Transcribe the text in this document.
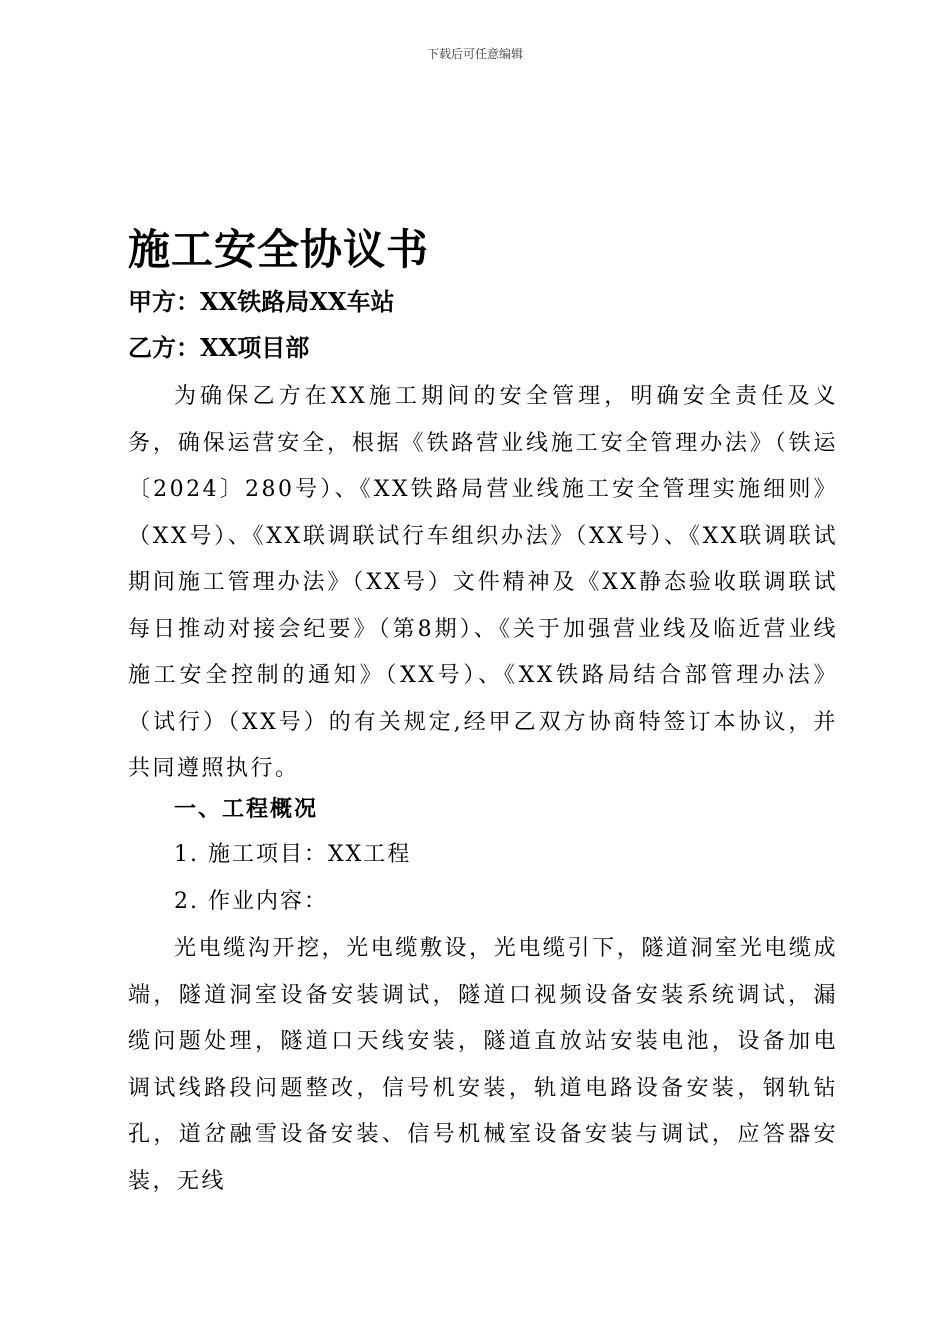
下载后可任意编辑
施工安全协议书

甲方：XX铁路局XX车站

乙方：XX项目部

为确保乙方在XX施工期间的安全管理，明确安全责任及义务，确保运营安全，根据《铁路营业线施工安全管理办法》（铁运〔2024〕280号）、《XX铁路局营业线施工安全管理实施细则》（XX号）、《XX联调联试行车组织办法》（XX号）、《XX联调联试期间施工管理办法》（XX号）文件精神及《XX静态验收联调联试每日推动对接会纪要》（第8期）、《关于加强营业线及临近营业线施工安全控制的通知》（XX号）、《XX铁路局结合部管理办法》（试行）（XX号）的有关规定,经甲乙双方协商特签订本协议，并共同遵照执行。

一、工程概况

1. 施工项目：XX工程

2. 作业内容：

光电缆沟开挖，光电缆敷设，光电缆引下，隧道洞室光电缆成端，隧道洞室设备安装调试，隧道口视频设备安装系统调试，漏缆问题处理，隧道口天线安装，隧道直放站安装电池，设备加电调试线路段问题整改，信号机安装，轨道电路设备安装，钢轨钻孔，道岔融雪设备安装、信号机械室设备安装与调试，应答器安装，无线
